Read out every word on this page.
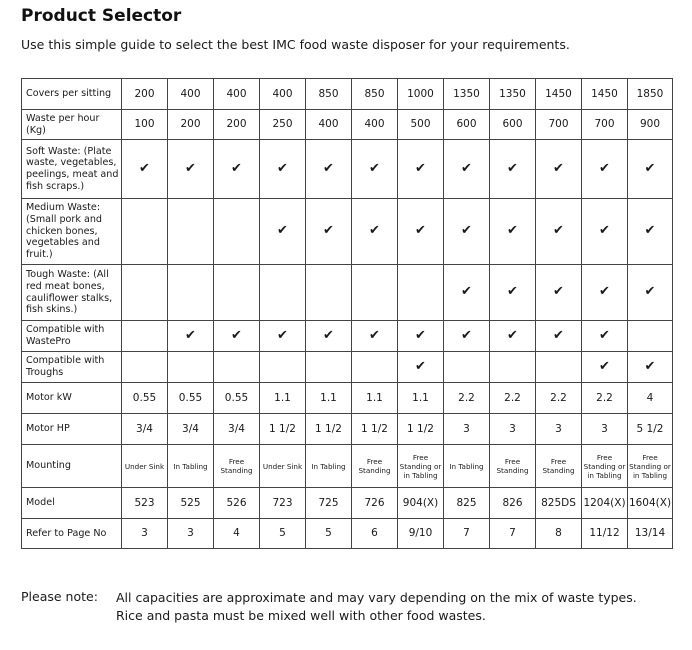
Product Selector
Use this simple guide to select the best IMC food waste disposer for your requirements.
Covers per sitting	200	400	400	400	850	850	1000	1350	1350	1450	1450	1850
Waste per hour (Kg)	100	200	200	250	400	400	500	600	600	700	700	900
Soft Waste: (Plate waste, vegetables, peelings, meat and fish scraps.)	✔	✔	✔	✔	✔	✔	✔	✔	✔	✔	✔	✔
Medium Waste: (Small pork and chicken bones, vegetables and fruit.)				✔	✔	✔	✔	✔	✔	✔	✔	✔
Tough Waste: (All red meat bones, cauliflower stalks, fish skins.)								✔	✔	✔	✔	✔
Compatible with WastePro		✔	✔	✔	✔	✔	✔	✔	✔	✔	✔	
Compatible with Troughs							✔				✔	✔
Motor kW	0.55	0.55	0.55	1.1	1.1	1.1	1.1	2.2	2.2	2.2	2.2	4
Motor HP	3/4	3/4	3/4	1 1/2	1 1/2	1 1/2	1 1/2	3	3	3	3	5 1/2
Mounting	Under Sink	In Tabling	Free Standing	Under Sink	In Tabling	Free Standing	Free Standing or in Tabling	In Tabling	Free Standing	Free Standing	Free Standing or in Tabling	Free Standing or in Tabling
Model	523	525	526	723	725	726	904(X)	825	826	825DS	1204(X)	1604(X)
Refer to Page No	3	3	4	5	5	6	9/10	7	7	8	11/12	13/14
Please note: All capacities are approximate and may vary depending on the mix of waste types.
Rice and pasta must be mixed well with other food wastes.
